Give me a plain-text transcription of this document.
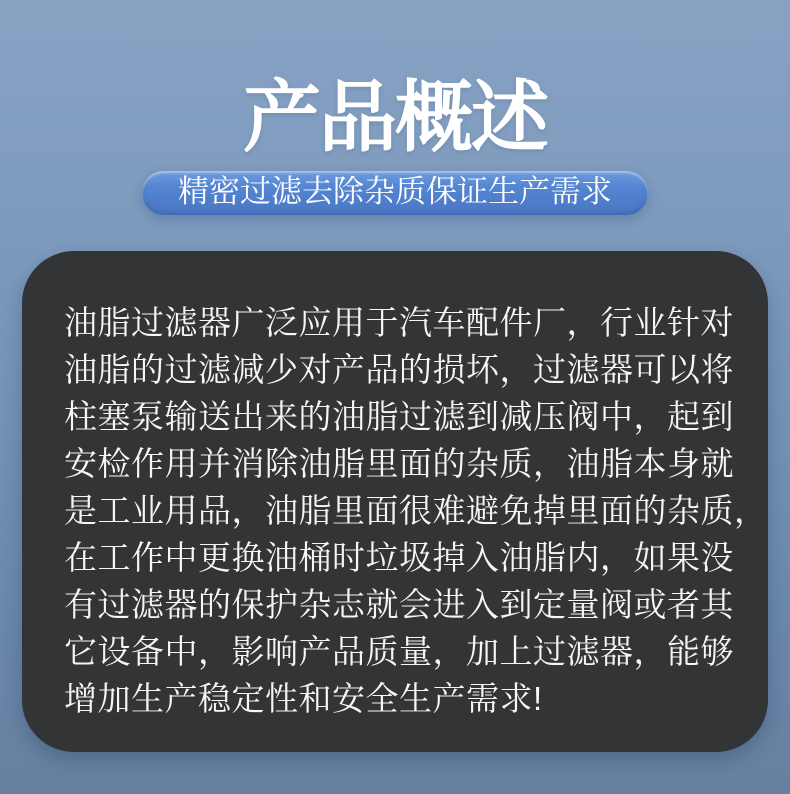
产品概述
精密过滤去除杂质保证生产需求
油脂过滤器广泛应用于汽车配件厂，行业针对
油脂的过滤减少对产品的损坏，过滤器可以将
柱塞泵输送出来的油脂过滤到减压阀中，起到
安检作用并消除油脂里面的杂质，油脂本身就
是工业用品，油脂里面很难避免掉里面的杂质，
在工作中更换油桶时垃圾掉入油脂内，如果没
有过滤器的保护杂志就会进入到定量阀或者其
它设备中，影响产品质量，加上过滤器，能够
增加生产稳定性和安全生产需求!
